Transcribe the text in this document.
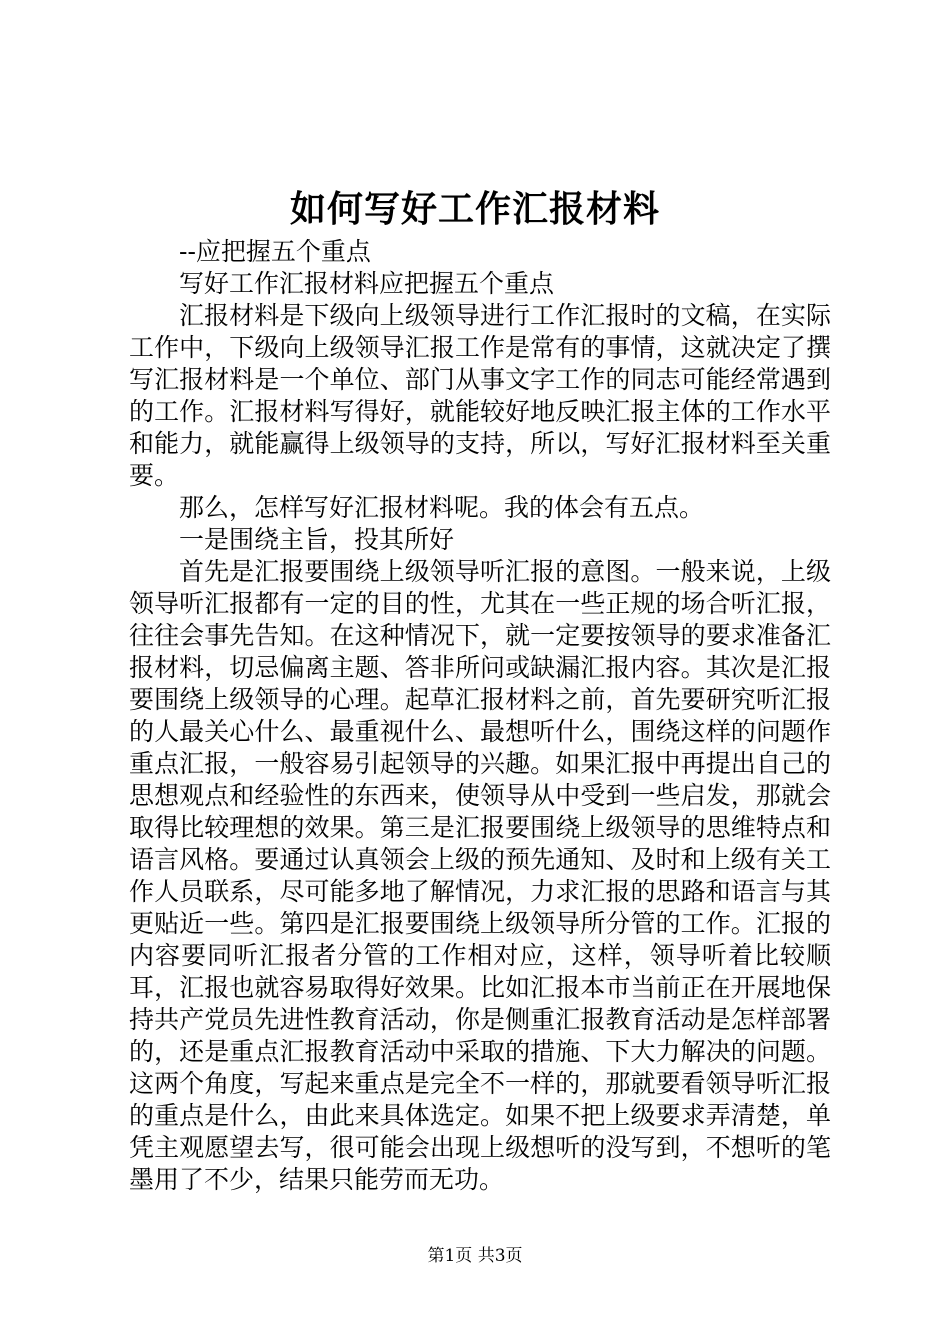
如何写好工作汇报材料

--应把握五个重点

写好工作汇报材料应把握五个重点

汇报材料是下级向上级领导进行工作汇报时的文稿，在实际工作中，下级向上级领导汇报工作是常有的事情，这就决定了撰写汇报材料是一个单位、部门从事文字工作的同志可能经常遇到的工作。汇报材料写得好，就能较好地反映汇报主体的工作水平和能力，就能赢得上级领导的支持，所以，写好汇报材料至关重要。

那么，怎样写好汇报材料呢。我的体会有五点。

一是围绕主旨，投其所好

首先是汇报要围绕上级领导听汇报的意图。一般来说，上级领导听汇报都有一定的目的性，尤其在一些正规的场合听汇报，往往会事先告知。在这种情况下，就一定要按领导的要求准备汇报材料，切忌偏离主题、答非所问或缺漏汇报内容。其次是汇报要围绕上级领导的心理。起草汇报材料之前，首先要研究听汇报的人最关心什么、最重视什么、最想听什么，围绕这样的问题作重点汇报，一般容易引起领导的兴趣。如果汇报中再提出自己的思想观点和经验性的东西来，使领导从中受到一些启发，那就会取得比较理想的效果。第三是汇报要围绕上级领导的思维特点和语言风格。要通过认真领会上级的预先通知、及时和上级有关工作人员联系，尽可能多地了解情况，力求汇报的思路和语言与其更贴近一些。第四是汇报要围绕上级领导所分管的工作。汇报的内容要同听汇报者分管的工作相对应，这样，领导听着比较顺耳，汇报也就容易取得好效果。比如汇报本市当前正在开展地保持共产党员先进性教育活动，你是侧重汇报教育活动是怎样部署的，还是重点汇报教育活动中采取的措施、下大力解决的问题。这两个角度，写起来重点是完全不一样的，那就要看领导听汇报的重点是什么，由此来具体选定。如果不把上级要求弄清楚，单凭主观愿望去写，很可能会出现上级想听的没写到，不想听的笔墨用了不少，结果只能劳而无功。

第1页 共3页
